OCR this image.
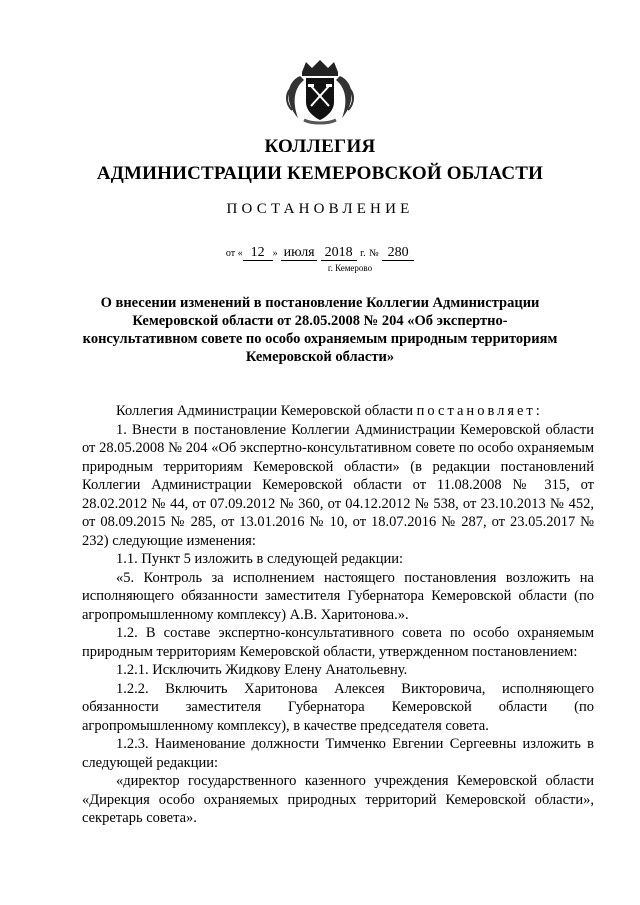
КОЛЛЕГИЯ
АДМИНИСТРАЦИИ КЕМЕРОВСКОЙ ОБЛАСТИ
ПОСТАНОВЛЕНИЕ
от « 12 » июля 2018 г. № 280
г. Кемерово
О внесении изменений в постановление Коллегии Администрации
Кемеровской области от 28.05.2008 № 204 «Об экспертно-
консультативном совете по особо охраняемым природным территориям
Кемеровской области»

Коллегия Администрации Кемеровской области постановляет:

1. Внести в постановление Коллегии Администрации Кемеровской области от 28.05.2008 № 204 «Об экспертно-консультативном совете по особо охраняемым природным территориям Кемеровской области» (в редакции постановлений Коллегии Администрации Кемеровской области от 11.08.2008 № 315, от 28.02.2012 № 44, от 07.09.2012 № 360, от 04.12.2012 № 538, от 23.10.2013 № 452, от 08.09.2015 № 285, от 13.01.2016 № 10, от 18.07.2016 № 287, от 23.05.2017 № 232) следующие изменения:

1.1. Пункт 5 изложить в следующей редакции:

«5. Контроль за исполнением настоящего постановления возложить на исполняющего обязанности заместителя Губернатора Кемеровской области (по агропромышленному комплексу) А.В. Харитонова.».

1.2. В составе экспертно-консультативного совета по особо охраняемым природным территориям Кемеровской области, утвержденном постановлением:

1.2.1. Исключить Жидкову Елену Анатольевну.

1.2.2. Включить Харитонова Алексея Викторовича, исполняющего обязанности заместителя Губернатора Кемеровской области (по агропромышленному комплексу), в качестве председателя совета.

1.2.3. Наименование должности Тимченко Евгении Сергеевны изложить в следующей редакции:

«директор государственного казенного учреждения Кемеровской области «Дирекция особо охраняемых природных территорий Кемеровской области», секретарь совета».
